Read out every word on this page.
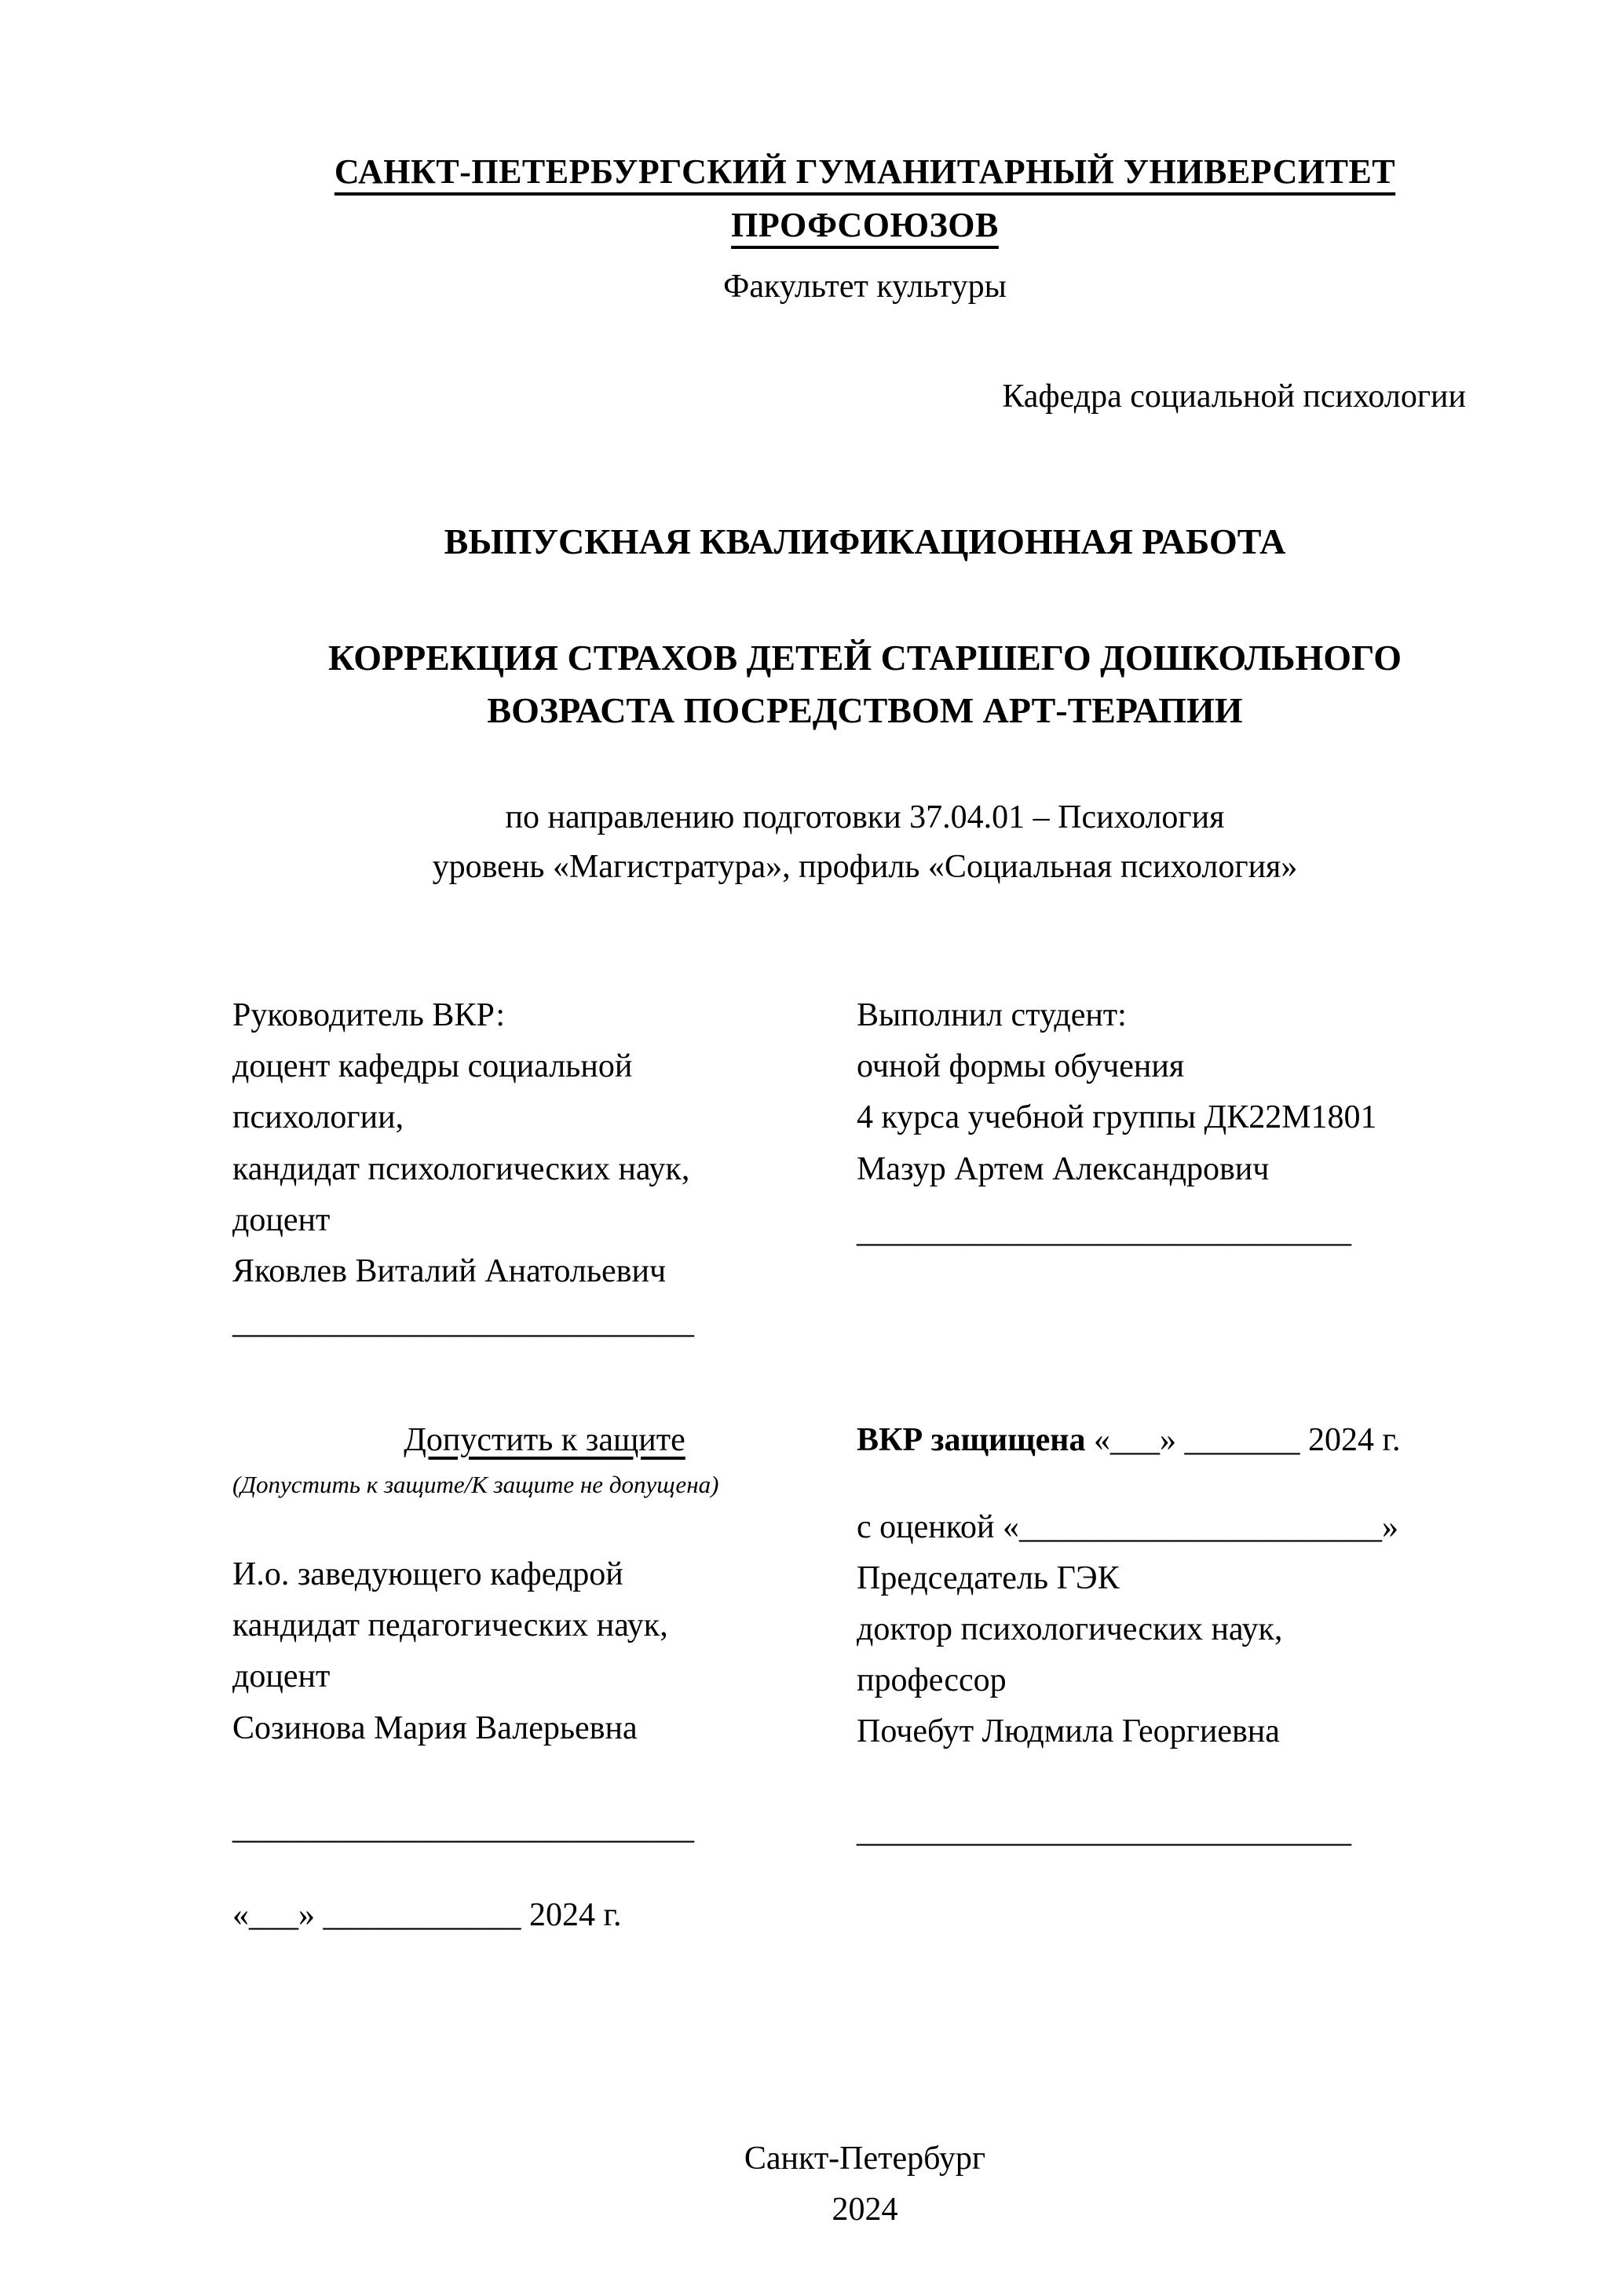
САНКТ-ПЕТЕРБУРГСКИЙ ГУМАНИТАРНЫЙ УНИВЕРСИТЕТ ПРОФСОЮЗОВ
Факультет культуры
Кафедра социальной психологии
ВЫПУСКНАЯ КВАЛИФИКАЦИОННАЯ РАБОТА
КОРРЕКЦИЯ СТРАХОВ ДЕТЕЙ СТАРШЕГО ДОШКОЛЬНОГО
ВОЗРАСТА ПОСРЕДСТВОМ АРТ-ТЕРАПИИ
по направлению подготовки 37.04.01 – Психология
уровень «Магистратура», профиль «Социальная психология»
Руководитель ВКР:
доцент кафедры социальной
психологии,
кандидат психологических наук,
доцент
Яковлев Виталий Анатольевич
____________________________
Выполнил студент:
очной формы обучения
4 курса учебной группы ДК22М1801
Мазур Артем Александрович
______________________________
Допустить к защите
(Допустить к защите/К защите не допущена)
И.о. заведующего кафедрой
кандидат педагогических наук,
доцент
Созинова Мария Валерьевна
____________________________
«___» ____________ 2024 г.
ВКР защищена «___» _______ 2024 г.
с оценкой «______________________»
Председатель ГЭК
доктор психологических наук,
профессор
Почебут Людмила Георгиевна
______________________________
Санкт-Петербург
2024
